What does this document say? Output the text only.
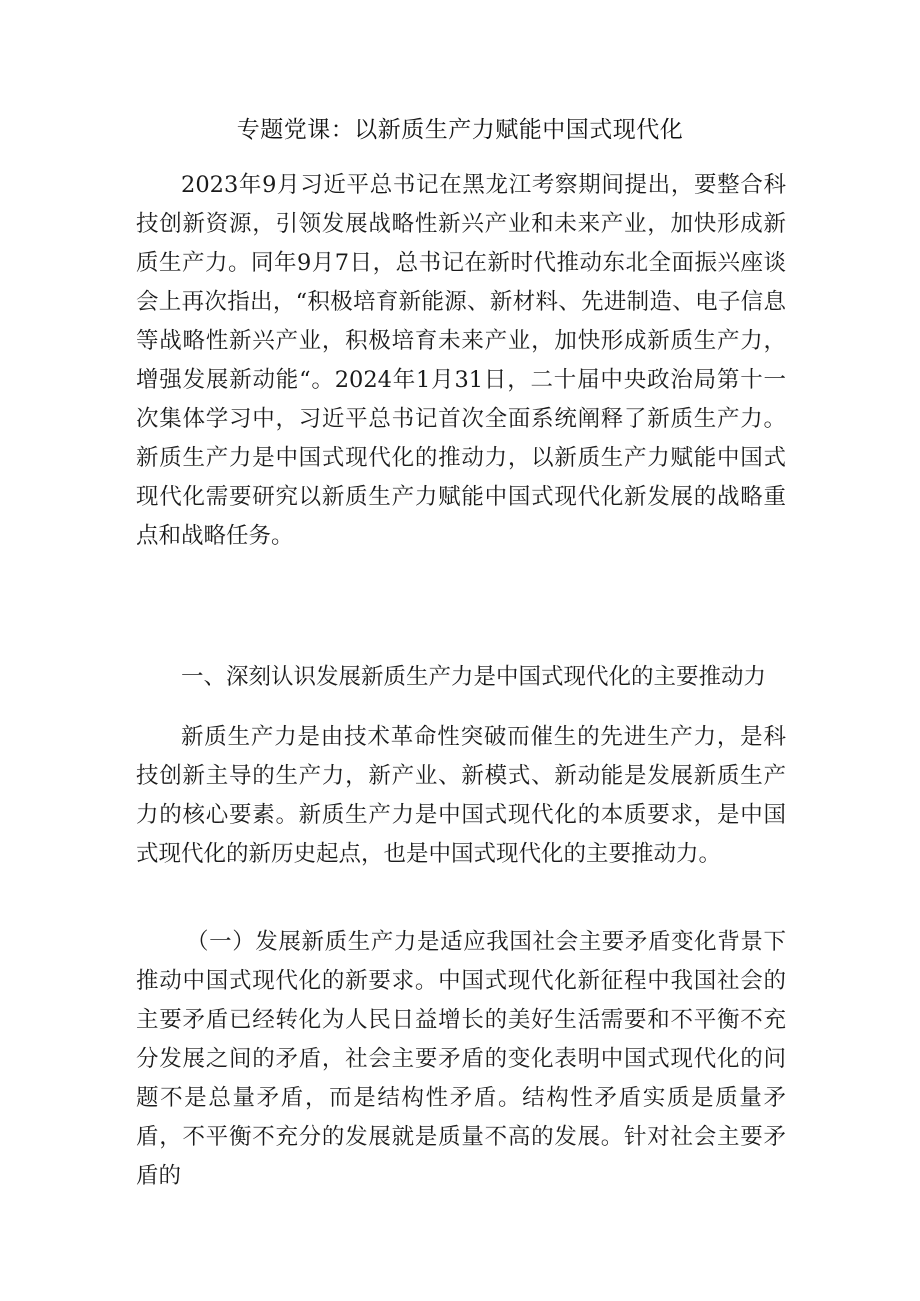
专题党课：以新质生产力赋能中国式现代化
2023年9月习近平总书记在黑龙江考察期间提出，要整合科技创新资源，引领发展战略性新兴产业和未来产业，加快形成新质生产力。同年9月7日，总书记在新时代推动东北全面振兴座谈会上再次指出，“积极培育新能源、新材料、先进制造、电子信息等战略性新兴产业，积极培育未来产业，加快形成新质生产力，增强发展新动能“。2024年1月31日，二十届中央政治局第十一次集体学习中，习近平总书记首次全面系统阐释了新质生产力。新质生产力是中国式现代化的推动力，以新质生产力赋能中国式现代化需要研究以新质生产力赋能中国式现代化新发展的战略重点和战略任务。
一、深刻认识发展新质生产力是中国式现代化的主要推动力
新质生产力是由技术革命性突破而催生的先进生产力，是科技创新主导的生产力，新产业、新模式、新动能是发展新质生产力的核心要素。新质生产力是中国式现代化的本质要求，是中国式现代化的新历史起点，也是中国式现代化的主要推动力。
（一）发展新质生产力是适应我国社会主要矛盾变化背景下推动中国式现代化的新要求。中国式现代化新征程中我国社会的主要矛盾已经转化为人民日益增长的美好生活需要和不平衡不充分发展之间的矛盾，社会主要矛盾的变化表明中国式现代化的问题不是总量矛盾，而是结构性矛盾。结构性矛盾实质是质量矛盾，不平衡不充分的发展就是质量不高的发展。针对社会主要矛盾的
